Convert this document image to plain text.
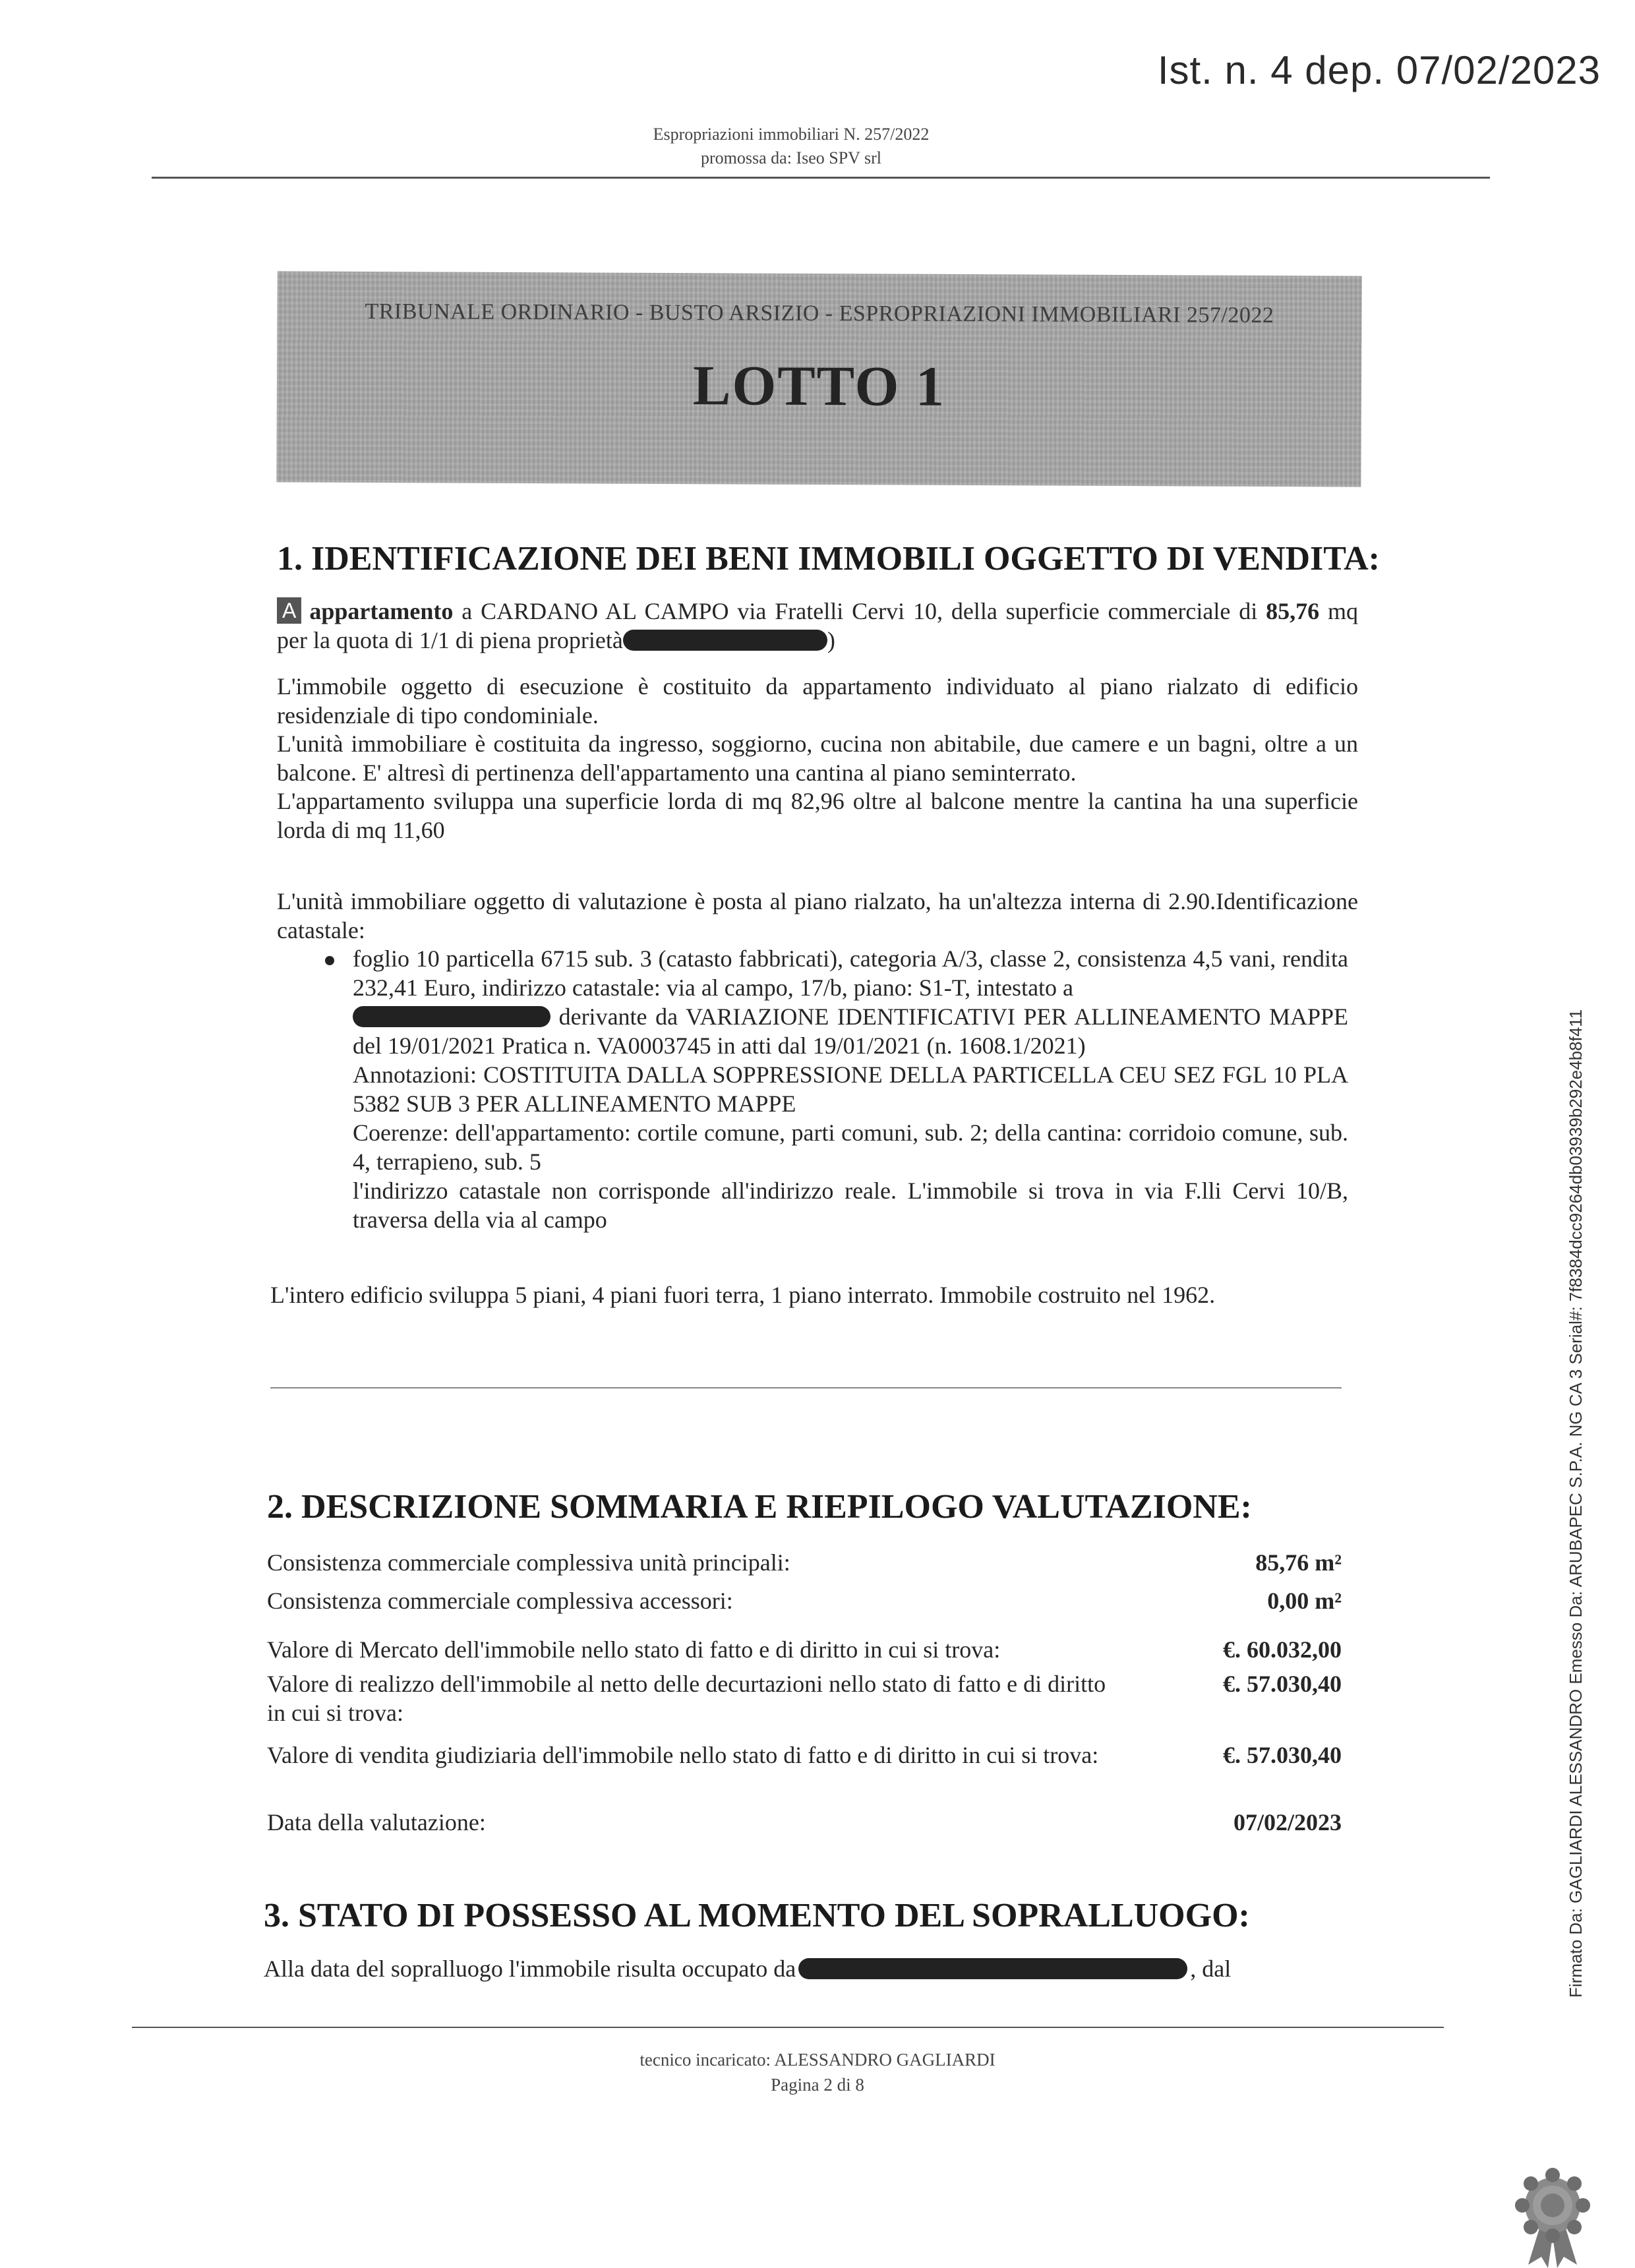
Ist. n. 4 dep. 07/02/2023
Espropriazioni immobiliari N. 257/2022
promossa da: Iseo SPV srl
TRIBUNALE ORDINARIO - BUSTO ARSIZIO - ESPROPRIAZIONI IMMOBILIARI 257/2022
LOTTO 1
1. IDENTIFICAZIONE DEI BENI IMMOBILI OGGETTO DI VENDITA:
A appartamento a CARDANO AL CAMPO via Fratelli Cervi 10, della superficie commerciale di 85,76 mq per la quota di 1/1 di piena proprietà	)
L'immobile oggetto di esecuzione è costituito da appartamento individuato al piano rialzato di edificio residenziale di tipo condominiale.
L'unità immobiliare è costituita da ingresso, soggiorno, cucina non abitabile, due camere e un bagni, oltre a un balcone. E' altresì di pertinenza dell'appartamento una cantina al piano seminterrato.
L'appartamento sviluppa una superficie lorda di mq 82,96 oltre al balcone mentre la cantina ha una superficie lorda di mq 11,60
L'unità immobiliare oggetto di valutazione è posta al piano rialzato, ha un'altezza interna di 2.90.Identificazione catastale:
foglio 10 particella 6715 sub. 3 (catasto fabbricati), categoria A/3, classe 2, consistenza 4,5 vani, rendita 232,41 Euro, indirizzo catastale: via al campo, 17/b, piano: S1-T, intestato a
derivante da VARIAZIONE IDENTIFICATIVI PER ALLINEAMENTO MAPPE del 19/01/2021 Pratica n. VA0003745 in atti dal 19/01/2021 (n. 1608.1/2021)
Annotazioni: COSTITUITA DALLA SOPPRESSIONE DELLA PARTICELLA CEU SEZ FGL 10 PLA 5382 SUB 3 PER ALLINEAMENTO MAPPE
Coerenze: dell'appartamento: cortile comune, parti comuni, sub. 2; della cantina: corridoio comune, sub. 4, terrapieno, sub. 5
l'indirizzo catastale non corrisponde all'indirizzo reale. L'immobile si trova in via F.lli Cervi 10/B, traversa della via al campo
L'intero edificio sviluppa 5 piani, 4 piani fuori terra, 1 piano interrato. Immobile costruito nel 1962.
2. DESCRIZIONE SOMMARIA E RIEPILOGO VALUTAZIONE:
Consistenza commerciale complessiva unità principali:	85,76 m²
Consistenza commerciale complessiva accessori:	0,00 m²
Valore di Mercato dell'immobile nello stato di fatto e di diritto in cui si trova:	€. 60.032,00
Valore di realizzo dell'immobile al netto delle decurtazioni nello stato di fatto e di diritto in cui si trova:
€. 57.030,40
Valore di vendita giudiziaria dell'immobile nello stato di fatto e di diritto in cui si trova:	€. 57.030,40
Data della valutazione:	07/02/2023
3. STATO DI POSSESSO AL MOMENTO DEL SOPRALLUOGO:
Alla data del sopralluogo l'immobile risulta occupato da	, dal
tecnico incaricato: ALESSANDRO GAGLIARDI
Pagina 2 di 8
Firmato Da: GAGLIARDI ALESSANDRO Emesso Da: ARUBAPEC S.P.A. NG CA 3 Serial#: 7f8384dcc9264db03939b292e4b8f411
